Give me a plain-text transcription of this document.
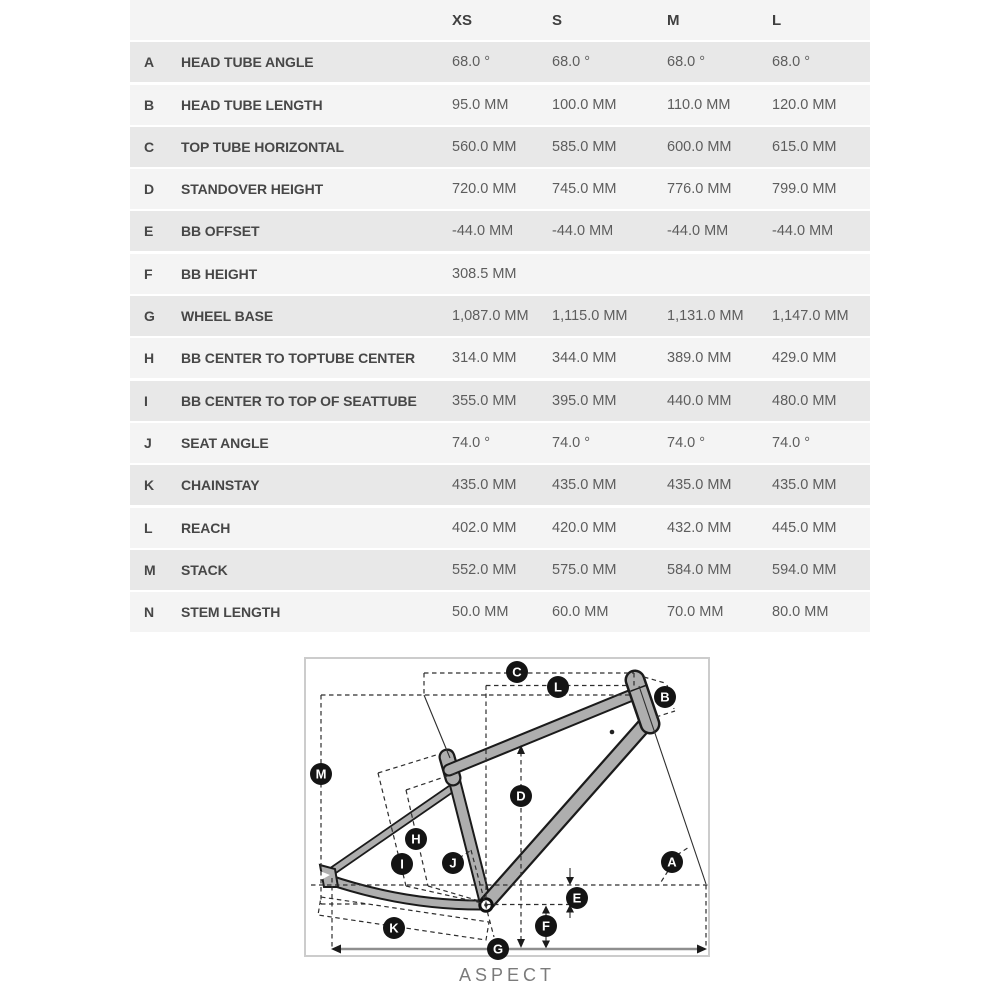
XS	S	M	L
A	HEAD TUBE ANGLE	68.0 °	68.0 °	68.0 °	68.0 °
B	HEAD TUBE LENGTH	95.0 MM	100.0 MM	110.0 MM	120.0 MM
C	TOP TUBE HORIZONTAL	560.0 MM	585.0 MM	600.0 MM	615.0 MM
D	STANDOVER HEIGHT	720.0 MM	745.0 MM	776.0 MM	799.0 MM
E	BB OFFSET	-44.0 MM	-44.0 MM	-44.0 MM	-44.0 MM
F	BB HEIGHT	308.5 MM
G	WHEEL BASE	1,087.0 MM	1,115.0 MM	1,131.0 MM	1,147.0 MM
H	BB CENTER TO TOPTUBE CENTER	314.0 MM	344.0 MM	389.0 MM	429.0 MM
I	BB CENTER TO TOP OF SEATTUBE	355.0 MM	395.0 MM	440.0 MM	480.0 MM
J	SEAT ANGLE	74.0 °	74.0 °	74.0 °	74.0 °
K	CHAINSTAY	435.0 MM	435.0 MM	435.0 MM	435.0 MM
L	REACH	402.0 MM	420.0 MM	432.0 MM	445.0 MM
M	STACK	552.0 MM	575.0 MM	584.0 MM	594.0 MM
N	STEM LENGTH	50.0 MM	60.0 MM	70.0 MM	80.0 MM
C
L
B
M
D
I
H
J	A
E
F
K
G
ASPECT
